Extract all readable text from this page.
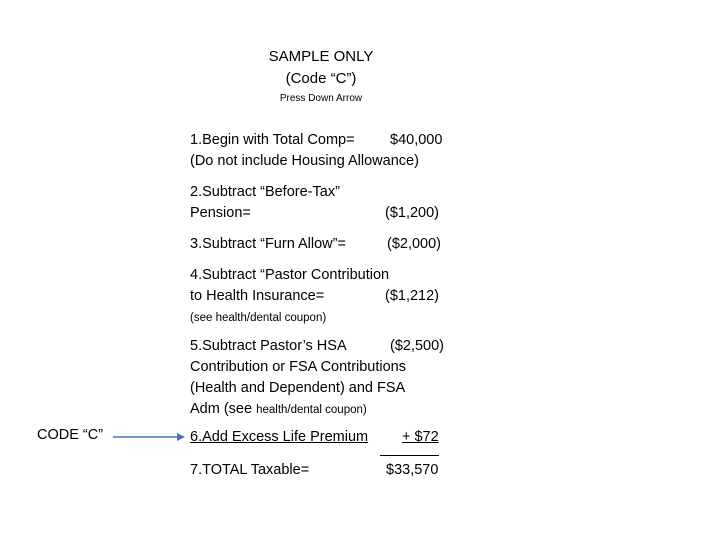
SAMPLE ONLY
(Code “C”)
Press Down Arrow
1.Begin with Total Comp= $40,000

(Do not include Housing Allowance)
2.Subtract “Before-Tax”
Pension=	($1,200)
3.Subtract “Furn Allow”=	($2,000)
4.Subtract “Pastor Contribution
to Health Insurance=	($1,212)

(see health/dental coupon)
5.Subtract Pastor’s HSA	($2,500)

Contribution or FSA Contributions
(Health and Dependent) and FSA
Adm (see health/dental coupon)
CODE “C”	6.Add Excess Life Premium + $72
7.TOTAL Taxable=	$33,570
